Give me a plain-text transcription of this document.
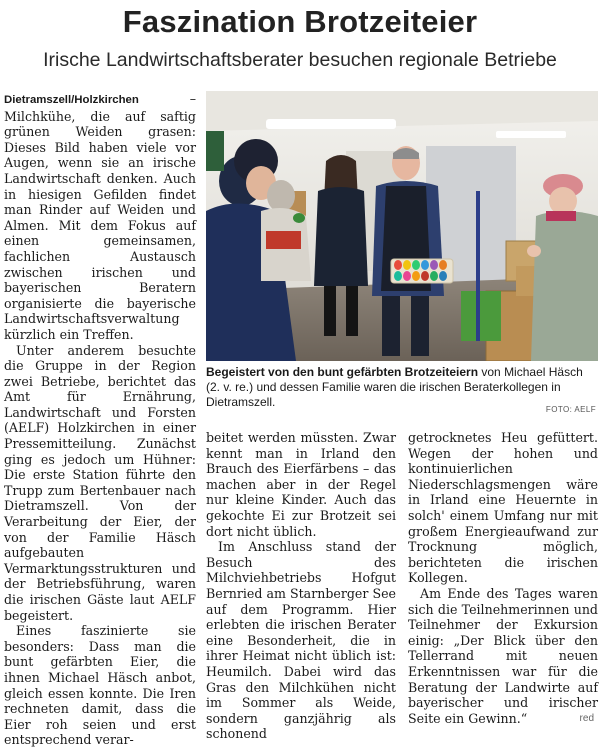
Faszination Brotzeiteier
Irische Landwirtschaftsberater besuchen regionale Betriebe

Dietramszell/Holzkirchen	–
Milchkühe, die auf saftig grünen Weiden grasen: Dieses Bild haben viele vor Augen, wenn sie an irische Landwirtschaft denken. Auch in hiesigen Gefilden findet man Rinder auf Weiden und Almen. Mit dem Fokus auf einen gemeinsamen, fachlichen Austausch zwischen irischen und bayerischen Beratern organisierte die bayerische Landwirtschaftsverwaltung kürzlich ein Treffen.

Unter anderem besuchte die Gruppe in der Region zwei Betriebe, berichtet das Amt für Ernährung, Landwirtschaft und Forsten (AELF) Holzkirchen in einer Pressemitteilung. Zunächst ging es jedoch um Hühner: Die erste Station führte den Trupp zum Bertenbauer nach Dietramszell. Von der Verarbeitung der Eier, der von der Familie Häsch aufgebauten Vermarktungsstrukturen und der Betriebsführung, waren die irischen Gäste laut AELF begeistert.

Eines faszinierte sie besonders: Dass man die bunt gefärbten Eier, die ihnen Michael Häsch anbot, gleich essen konnte. Die Iren rechneten damit, dass die Eier roh seien und erst entsprechend verar-

Begeistert von den bunt gefärbten Brotzeiteiern von Michael Häsch (2. v. re.) und dessen Familie waren die irischen Beraterkollegen in Dietramszell.
FOTO: AELF

beitet werden müssten. Zwar kennt man in Irland den Brauch des Eierfärbens – das machen aber in der Regel nur kleine Kinder. Auch das gekochte Ei zur Brotzeit sei dort nicht üblich.

Im Anschluss stand der Besuch des Milchviehbetriebs Hofgut Bernried am Starnberger See auf dem Programm. Hier erlebten die irischen Berater eine Besonderheit, die in ihrer Heimat nicht üblich ist: Heumilch. Dabei wird das Gras den Milchkühen nicht im Sommer als Weide, sondern ganzjährig als schonend

getrocknetes Heu gefüttert. Wegen der hohen und kontinuierlichen Niederschlagsmengen wäre in Irland eine Heuernte in solch' einem Umfang nur mit großem Energieaufwand zur Trocknung möglich, berichteten die irischen Kollegen.

Am Ende des Tages waren sich die Teilnehmerinnen und Teilnehmer der Exkursion einig: „Der Blick über den Tellerrand mit neuen Erkenntnissen war für die Beratung der Landwirte auf bayerischer und irischer Seite ein Gewinn.“	red
